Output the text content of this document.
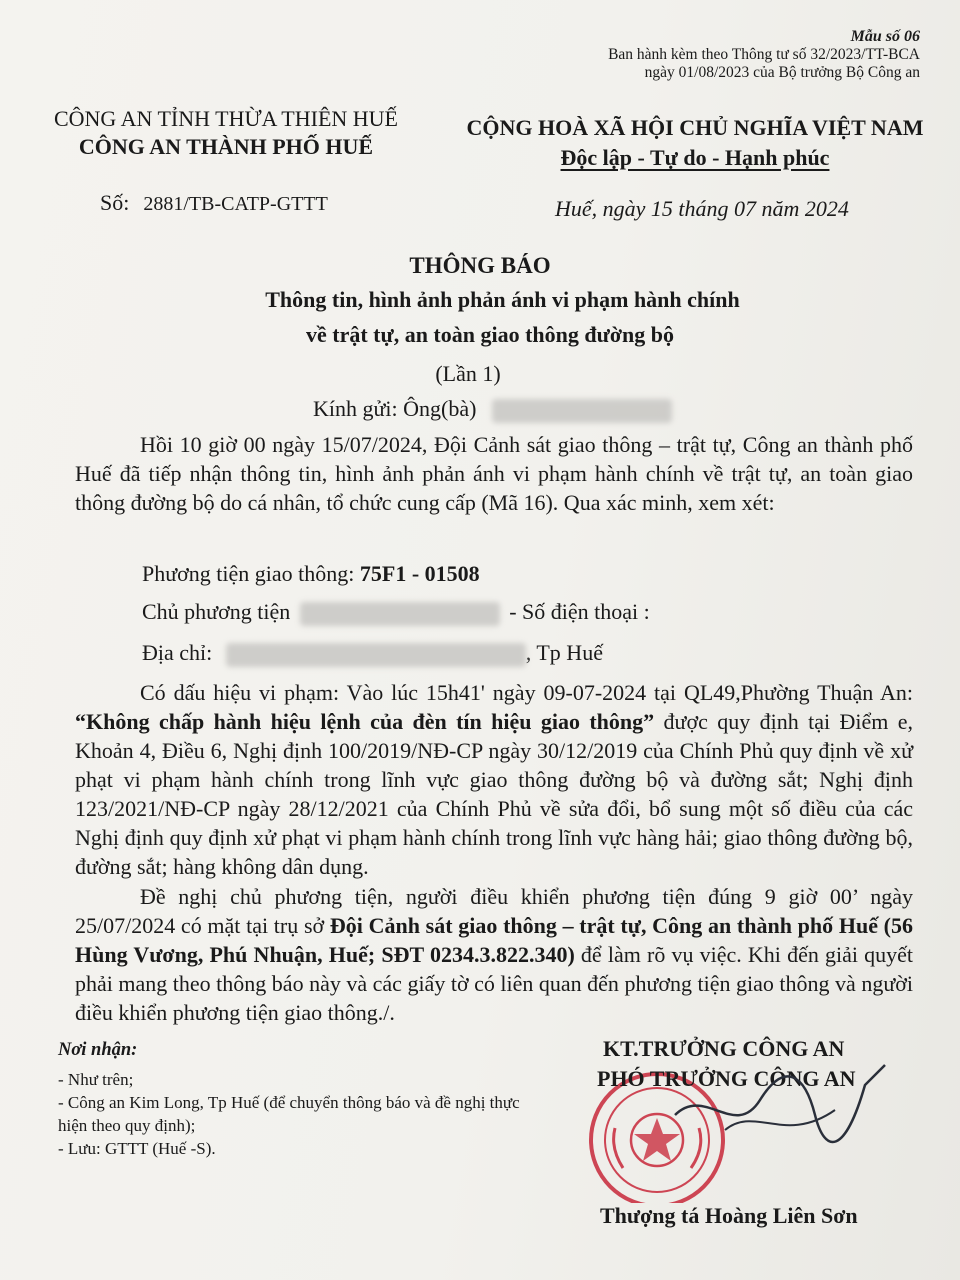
Mẫu số 06
Ban hành kèm theo Thông tư số 32/2023/TT-BCA
ngày 01/08/2023 của Bộ trưởng Bộ Công an
CÔNG AN TỈNH THỪA THIÊN HUẾ
CÔNG AN THÀNH PHỐ HUẾ
CỘNG HOÀ XÃ HỘI CHỦ NGHĨA VIỆT NAM
Độc lập - Tự do - Hạnh phúc
Số: 2881/TB-CATP-GTTT	Huế, ngày 15 tháng 07 năm 2024
THÔNG BÁO
Thông tin, hình ảnh phản ánh vi phạm hành chính
về trật tự, an toàn giao thông đường bộ
(Lần 1)
Kính gửi: Ông(bà)
Hồi 10 giờ 00 ngày 15/07/2024, Đội Cảnh sát giao thông – trật tự, Công an thành phố Huế đã tiếp nhận thông tin, hình ảnh phản ánh vi phạm hành chính về trật tự, an toàn giao thông đường bộ do cá nhân, tổ chức cung cấp (Mã 16). Qua xác minh, xem xét:
Phương tiện giao thông: 75F1 - 01508
Chủ phương tiện	- Số điện thoại :
Địa chỉ:	, Tp Huế
Có dấu hiệu vi phạm: Vào lúc 15h41' ngày 09-07-2024 tại QL49,Phường Thuận An: “Không chấp hành hiệu lệnh của đèn tín hiệu giao thông” được quy định tại Điểm e, Khoản 4, Điều 6, Nghị định 100/2019/NĐ-CP ngày 30/12/2019 của Chính Phủ quy định về xử phạt vi phạm hành chính trong lĩnh vực giao thông đường bộ và đường sắt; Nghị định 123/2021/NĐ-CP ngày 28/12/2021 của Chính Phủ về sửa đổi, bổ sung một số điều của các Nghị định quy định xử phạt vi phạm hành chính trong lĩnh vực hàng hải; giao thông đường bộ, đường sắt; hàng không dân dụng.
Đề nghị chủ phương tiện, người điều khiển phương tiện đúng 9 giờ 00’ ngày 25/07/2024 có mặt tại trụ sở Đội Cảnh sát giao thông – trật tự, Công an thành phố Huế (56 Hùng Vương, Phú Nhuận, Huế; SĐT 0234.3.822.340) để làm rõ vụ việc. Khi đến giải quyết phải mang theo thông báo này và các giấy tờ có liên quan đến phương tiện giao thông và người điều khiển phương tiện giao thông./.
Nơi nhận:
- Như trên;
- Công an Kim Long, Tp Huế (để chuyển thông báo và đề nghị thực hiện theo quy định);
- Lưu: GTTT (Huế -S).
KT.TRƯỞNG CÔNG AN
PHÓ TRƯỞNG CÔNG AN
Thượng tá Hoàng Liên Sơn
